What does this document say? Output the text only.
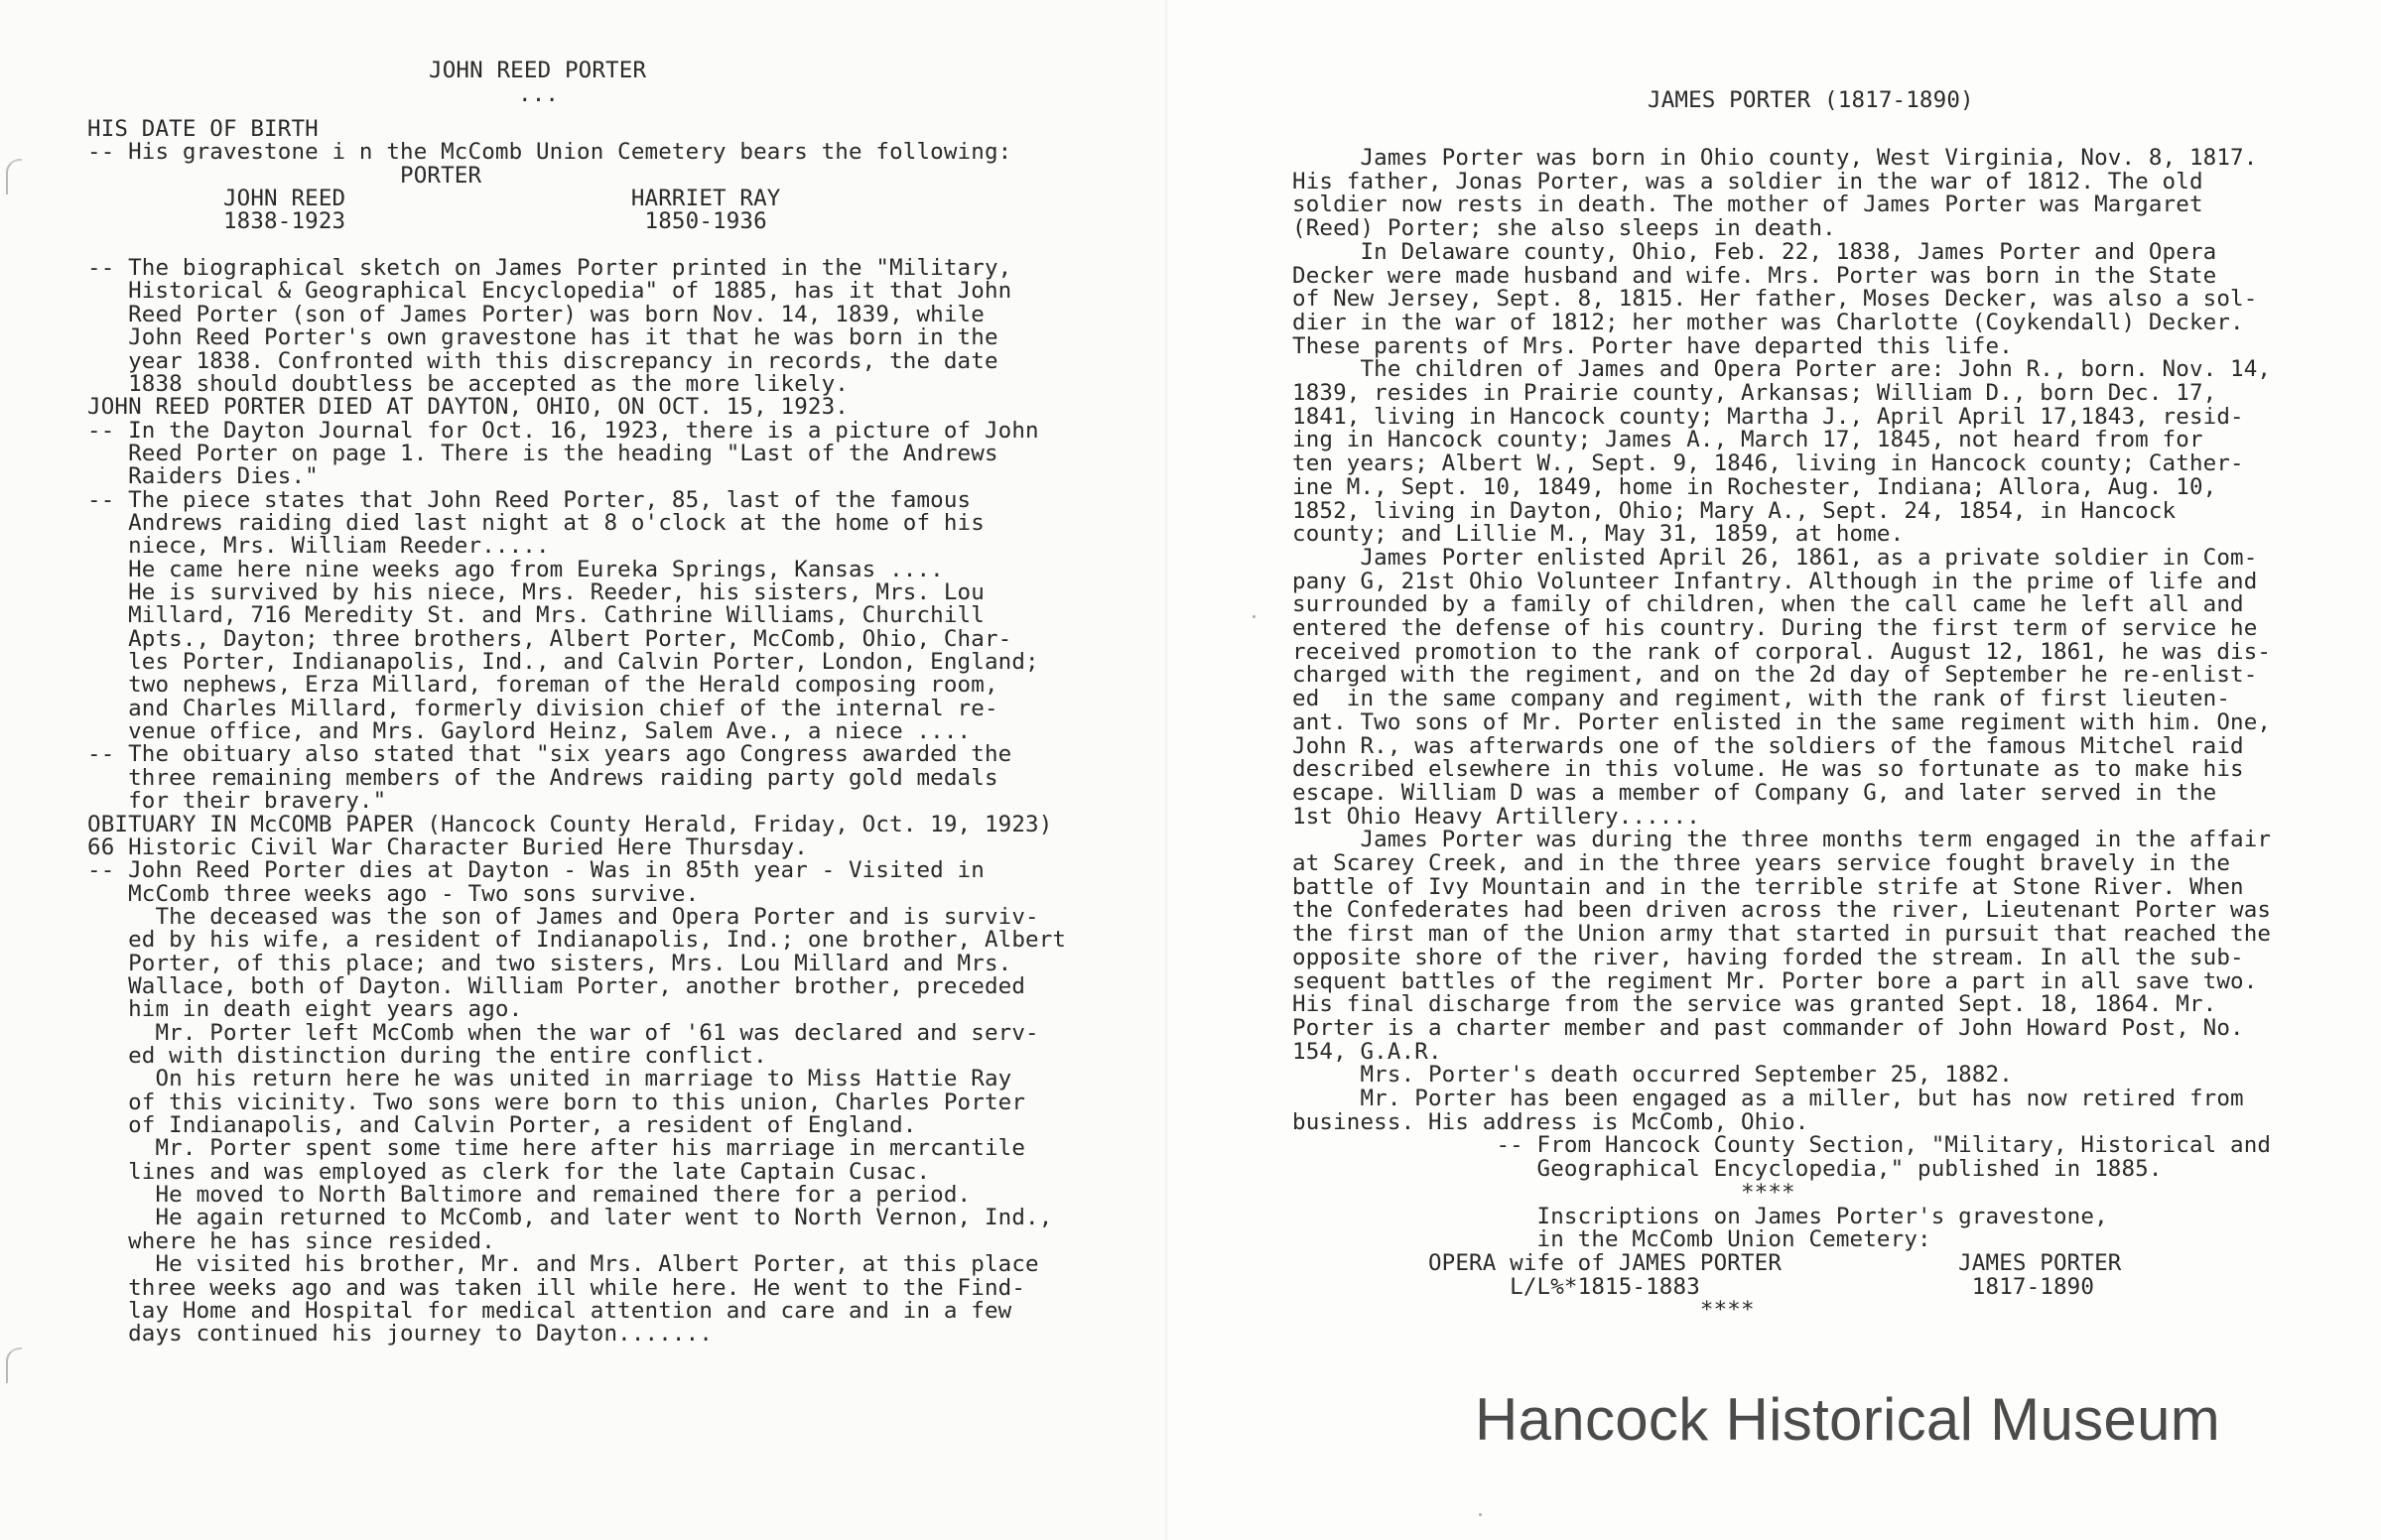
JOHN REED PORTER
...
HIS DATE OF BIRTH
-- His gravestone i n the McComb Union Cemetery bears the following:
PORTER
JOHN REED                     HARRIET RAY
1838-1923                      1850-1936
-- The biographical sketch on James Porter printed in the "Military,
Historical & Geographical Encyclopedia" of 1885, has it that John
Reed Porter (son of James Porter) was born Nov. 14, 1839, while
John Reed Porter's own gravestone has it that he was born in the
year 1838. Confronted with this discrepancy in records, the date
1838 should doubtless be accepted as the more likely.
JOHN REED PORTER DIED AT DAYTON, OHIO, ON OCT. 15, 1923.
-- In the Dayton Journal for Oct. 16, 1923, there is a picture of John
Reed Porter on page 1. There is the heading "Last of the Andrews
Raiders Dies."
-- The piece states that John Reed Porter, 85, last of the famous
Andrews raiding died last night at 8 o'clock at the home of his
niece, Mrs. William Reeder.....
He came here nine weeks ago from Eureka Springs, Kansas ....
He is survived by his niece, Mrs. Reeder, his sisters, Mrs. Lou
Millard, 716 Meredity St. and Mrs. Cathrine Williams, Churchill
Apts., Dayton; three brothers, Albert Porter, McComb, Ohio, Char-
les Porter, Indianapolis, Ind., and Calvin Porter, London, England;
two nephews, Erza Millard, foreman of the Herald composing room,
and Charles Millard, formerly division chief of the internal re-
venue office, and Mrs. Gaylord Heinz, Salem Ave., a niece ....
-- The obituary also stated that "six years ago Congress awarded the
three remaining members of the Andrews raiding party gold medals
for their bravery."
OBITUARY IN McCOMB PAPER (Hancock County Herald, Friday, Oct. 19, 1923)
66 Historic Civil War Character Buried Here Thursday.
-- John Reed Porter dies at Dayton - Was in 85th year - Visited in
McComb three weeks ago - Two sons survive.
The deceased was the son of James and Opera Porter and is surviv-
ed by his wife, a resident of Indianapolis, Ind.; one brother, Albert
Porter, of this place; and two sisters, Mrs. Lou Millard and Mrs.
Wallace, both of Dayton. William Porter, another brother, preceded
him in death eight years ago.
Mr. Porter left McComb when the war of '61 was declared and serv-
ed with distinction during the entire conflict.
On his return here he was united in marriage to Miss Hattie Ray
of this vicinity. Two sons were born to this union, Charles Porter
of Indianapolis, and Calvin Porter, a resident of England.
Mr. Porter spent some time here after his marriage in mercantile
lines and was employed as clerk for the late Captain Cusac.
He moved to North Baltimore and remained there for a period.
He again returned to McComb, and later went to North Vernon, Ind.,
where he has since resided.
He visited his brother, Mr. and Mrs. Albert Porter, at this place
three weeks ago and was taken ill while here. He went to the Find-
lay Home and Hospital for medical attention and care and in a few
days continued his journey to Dayton.......
JAMES PORTER (1817-1890)
James Porter was born in Ohio county, West Virginia, Nov. 8, 1817.
His father, Jonas Porter, was a soldier in the war of 1812. The old
soldier now rests in death. The mother of James Porter was Margaret
(Reed) Porter; she also sleeps in death.
In Delaware county, Ohio, Feb. 22, 1838, James Porter and Opera
Decker were made husband and wife. Mrs. Porter was born in the State
of New Jersey, Sept. 8, 1815. Her father, Moses Decker, was also a sol-
dier in the war of 1812; her mother was Charlotte (Coykendall) Decker.
These parents of Mrs. Porter have departed this life.
The children of James and Opera Porter are: John R., born. Nov. 14,
1839, resides in Prairie county, Arkansas; William D., born Dec. 17,
1841, living in Hancock county; Martha J., April April 17,1843, resid-
ing in Hancock county; James A., March 17, 1845, not heard from for
ten years; Albert W., Sept. 9, 1846, living in Hancock county; Cather-
ine M., Sept. 10, 1849, home in Rochester, Indiana; Allora, Aug. 10,
1852, living in Dayton, Ohio; Mary A., Sept. 24, 1854, in Hancock
county; and Lillie M., May 31, 1859, at home.
James Porter enlisted April 26, 1861, as a private soldier in Com-
pany G, 21st Ohio Volunteer Infantry. Although in the prime of life and
surrounded by a family of children, when the call came he left all and
entered the defense of his country. During the first term of service he
received promotion to the rank of corporal. August 12, 1861, he was dis-
charged with the regiment, and on the 2d day of September he re-enlist-
ed  in the same company and regiment, with the rank of first lieuten-
ant. Two sons of Mr. Porter enlisted in the same regiment with him. One,
John R., was afterwards one of the soldiers of the famous Mitchel raid
described elsewhere in this volume. He was so fortunate as to make his
escape. William D was a member of Company G, and later served in the
1st Ohio Heavy Artillery......
James Porter was during the three months term engaged in the affair
at Scarey Creek, and in the three years service fought bravely in the
battle of Ivy Mountain and in the terrible strife at Stone River. When
the Confederates had been driven across the river, Lieutenant Porter was
the first man of the Union army that started in pursuit that reached the
opposite shore of the river, having forded the stream. In all the sub-
sequent battles of the regiment Mr. Porter bore a part in all save two.
His final discharge from the service was granted Sept. 18, 1864. Mr.
Porter is a charter member and past commander of John Howard Post, No.
154, G.A.R.
Mrs. Porter's death occurred September 25, 1882.
Mr. Porter has been engaged as a miller, but has now retired from
business. His address is McComb, Ohio.
-- From Hancock County Section, "Military, Historical and
Geographical Encyclopedia," published in 1885.
****
Inscriptions on James Porter's gravestone,
in the McComb Union Cemetery:
OPERA wife of JAMES PORTER             JAMES PORTER
L/L%*1815-1883                    1817-1890
****
Hancock Historical Museum
